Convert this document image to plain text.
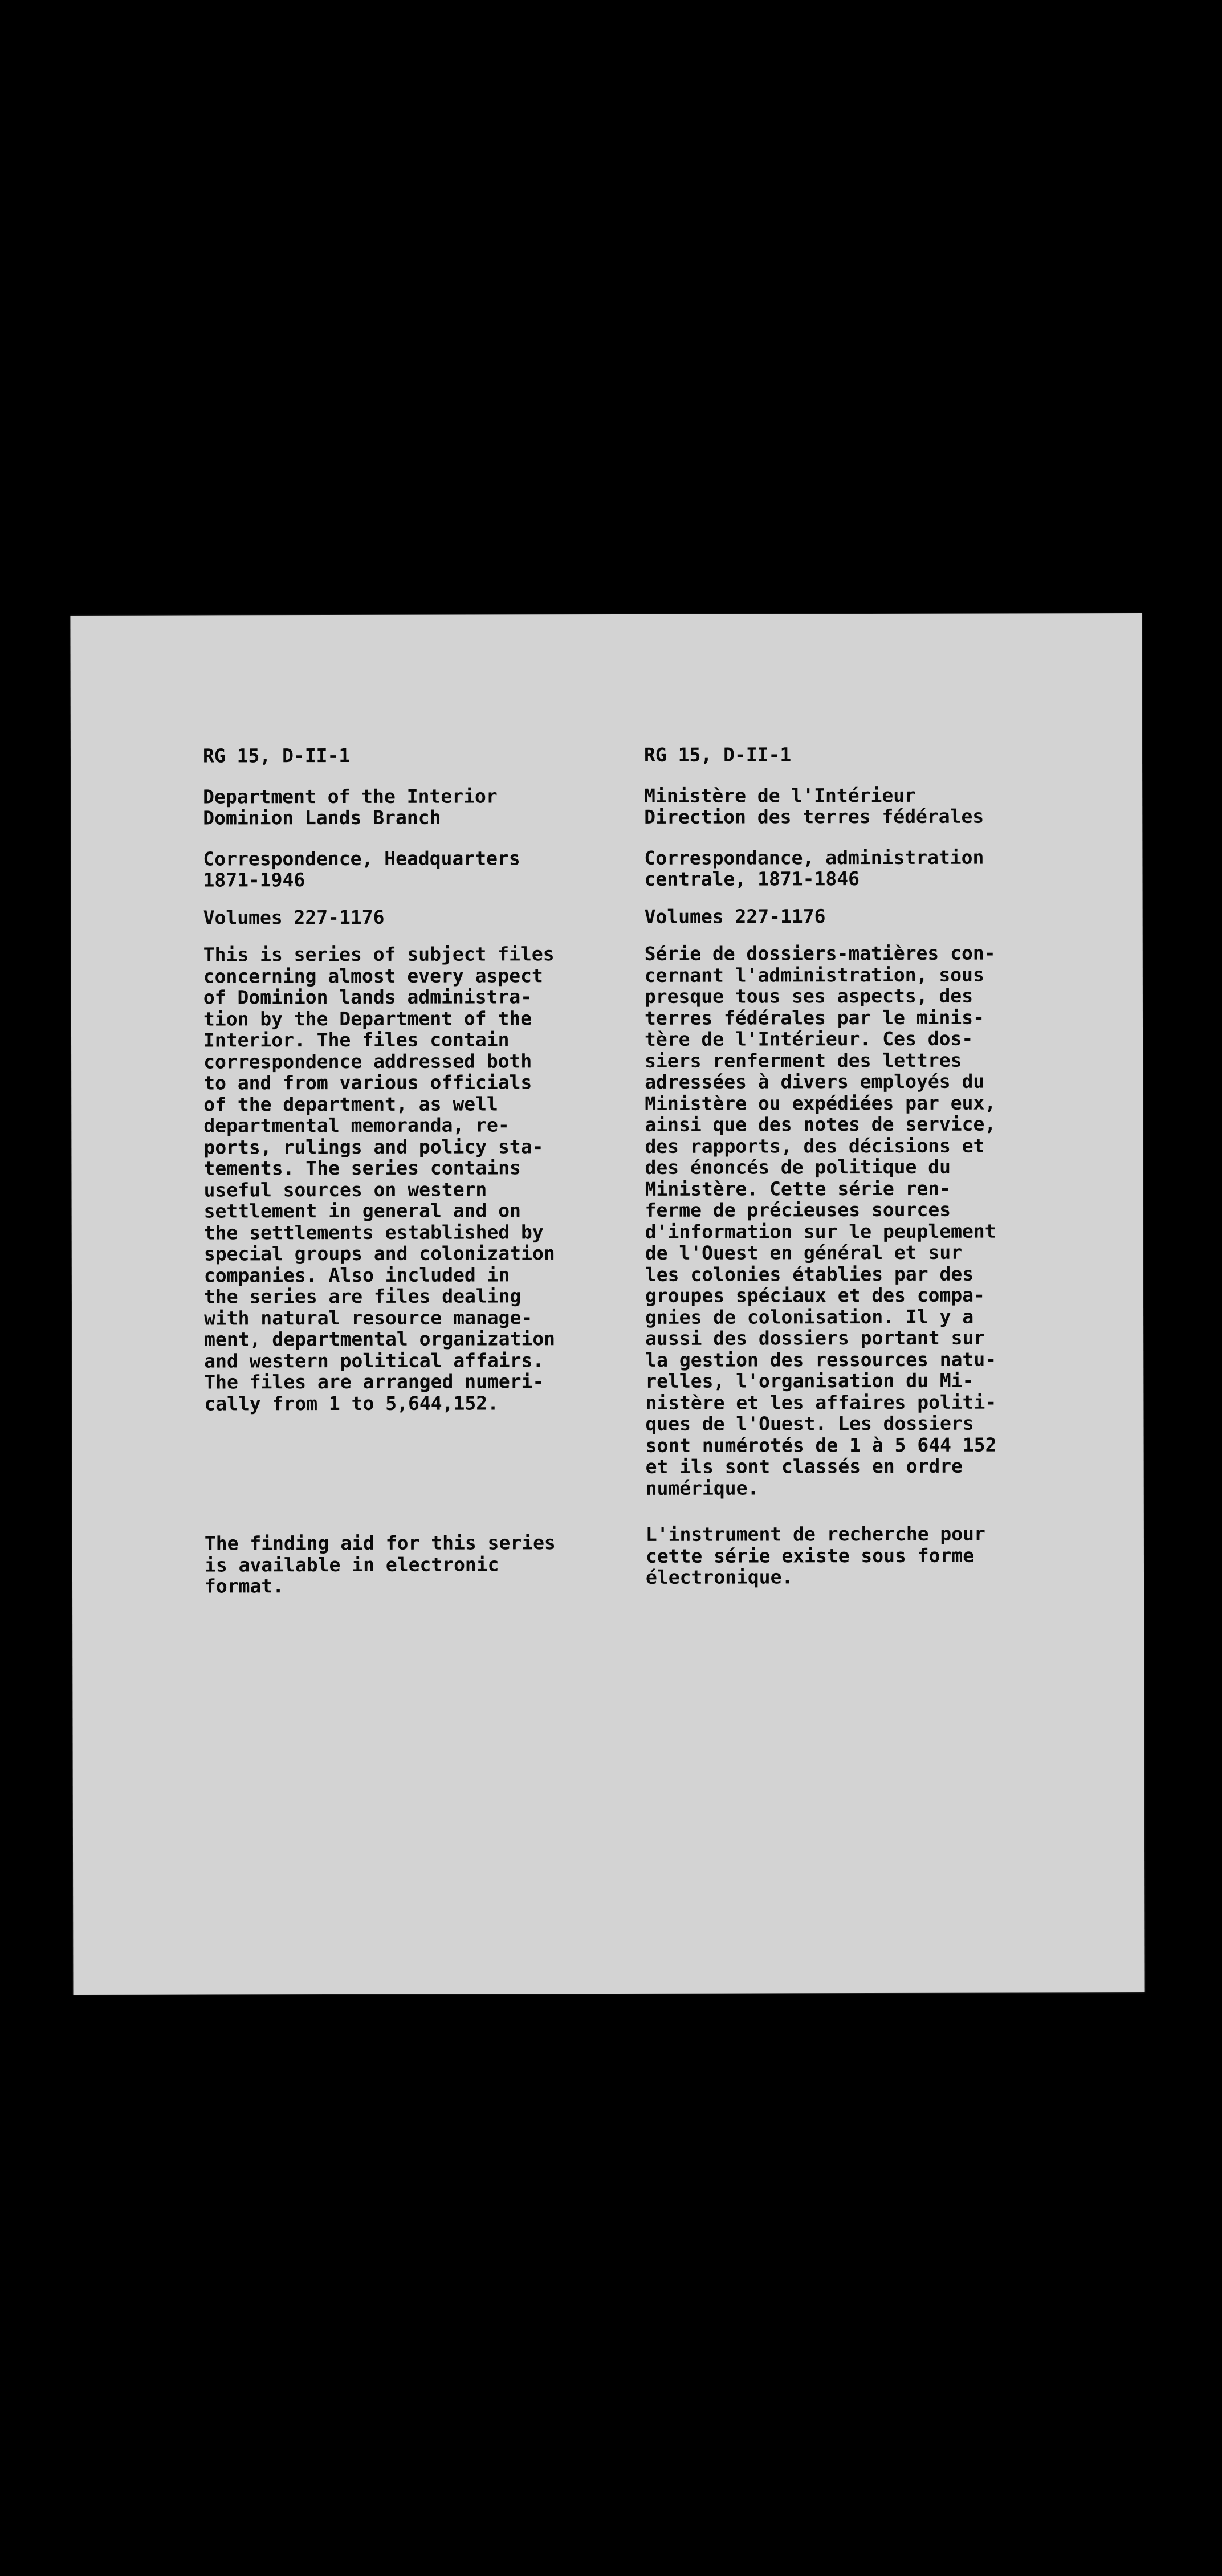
RG 15, D-II-1

Department of the Interior
Dominion Lands Branch

Correspondence, Headquarters
1871-1946

Volumes 227-1176

This is series of subject files
concerning almost every aspect
of Dominion lands administra-
tion by the Department of the
Interior. The files contain
correspondence addressed both
to and from various officials
of the department, as well
departmental memoranda, re-
ports, rulings and policy sta-
tements. The series contains
useful sources on western
settlement in general and on
the settlements established by
special groups and colonization
companies. Also included in
the series are files dealing
with natural resource manage-
ment, departmental organization
and western political affairs.
The files are arranged numeri-
cally from 1 to 5,644,152.

The finding aid for this series
is available in electronic
format.

RG 15, D-II-1

Ministère de l'Intérieur
Direction des terres fédérales

Correspondance, administration
centrale, 1871-1846

Volumes 227-1176

Série de dossiers-matières con-
cernant l'administration, sous
presque tous ses aspects, des
terres fédérales par le minis-
tère de l'Intérieur. Ces dos-
siers renferment des lettres
adressées à divers employés du
Ministère ou expédiées par eux,
ainsi que des notes de service,
des rapports, des décisions et
des énoncés de politique du
Ministère. Cette série ren-
ferme de précieuses sources
d'information sur le peuplement
de l'Ouest en général et sur
les colonies établies par des
groupes spéciaux et des compa-
gnies de colonisation. Il y a
aussi des dossiers portant sur
la gestion des ressources natu-
relles, l'organisation du Mi-
nistère et les affaires politi-
ques de l'Ouest. Les dossiers
sont numérotés de 1 à 5 644 152
et ils sont classés en ordre
numérique.

L'instrument de recherche pour
cette série existe sous forme
électronique.
